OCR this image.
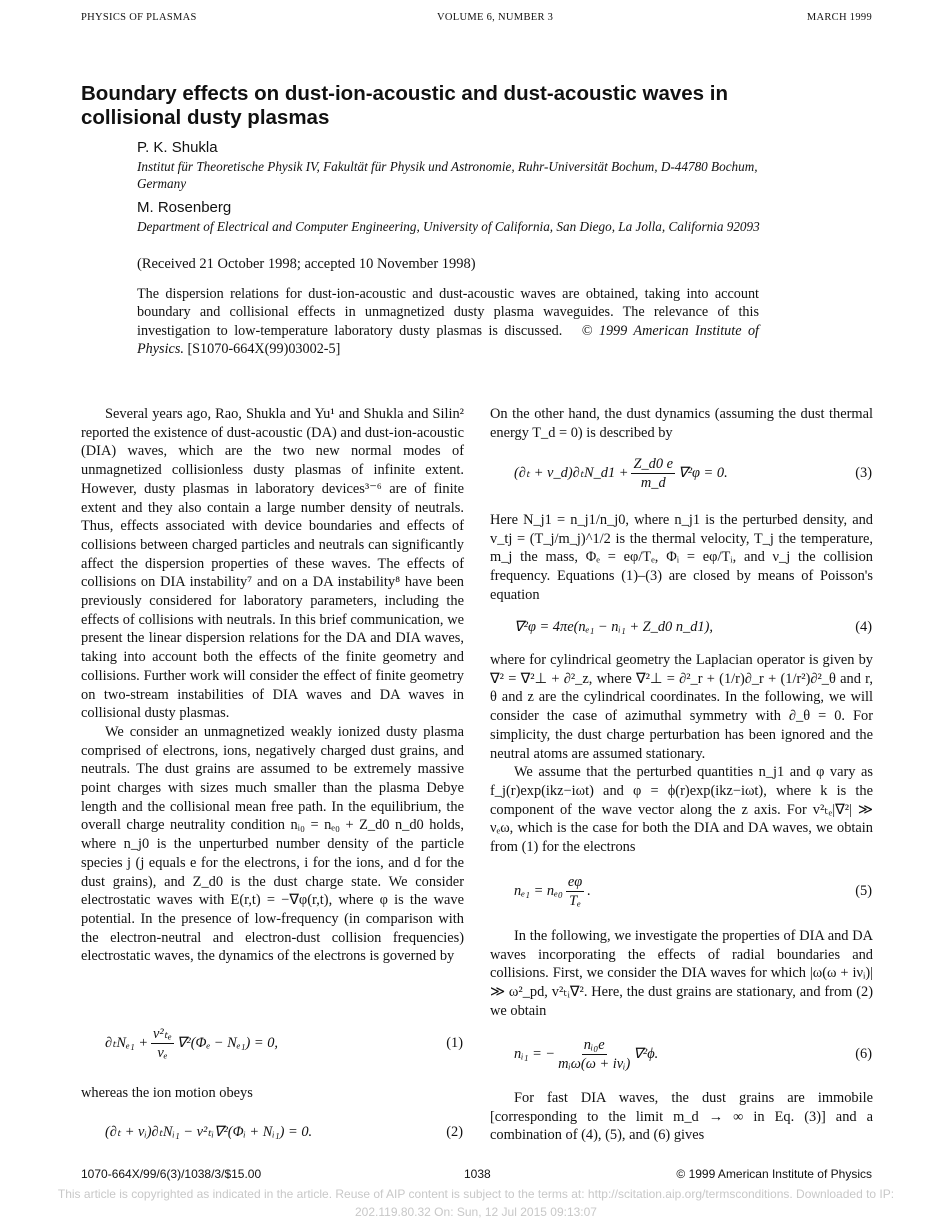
PHYSICS OF PLASMAS	VOLUME 6, NUMBER 3	MARCH 1999
Boundary effects on dust-ion-acoustic and dust-acoustic waves in collisional dusty plasmas
P. K. Shukla
Institut für Theoretische Physik IV, Fakultät für Physik und Astronomie, Ruhr-Universität Bochum, D-44780 Bochum, Germany
M. Rosenberg
Department of Electrical and Computer Engineering, University of California, San Diego, La Jolla, California 92093
(Received 21 October 1998; accepted 10 November 1998)
The dispersion relations for dust-ion-acoustic and dust-acoustic waves are obtained, taking into account boundary and collisional effects in unmagnetized dusty plasma waveguides. The relevance of this investigation to low-temperature laboratory dusty plasmas is discussed. © 1999 American Institute of Physics. [S1070-664X(99)03002-5]

Several years ago, Rao, Shukla and Yu¹ and Shukla and Silin² reported the existence of dust-acoustic (DA) and dust-ion-acoustic (DIA) waves, which are the two new normal modes of unmagnetized collisionless dusty plasmas of infinite extent. However, dusty plasmas in laboratory devices³⁻⁶ are of finite extent and they also contain a large number density of neutrals. Thus, effects associated with device boundaries and effects of collisions between charged particles and neutrals can significantly affect the dispersion properties of these waves. The effects of collisions on DIA instability⁷ and on a DA instability⁸ have been previously considered for laboratory parameters, including the effects of collisions with neutrals. In this brief communication, we present the linear dispersion relations for the DA and DIA waves, taking into account both the effects of the finite geometry and collisions. Further work will consider the effect of finite geometry on two-stream instabilities of DIA waves and DA waves in collisional dusty plasmas.

We consider an unmagnetized weakly ionized dusty plasma comprised of electrons, ions, negatively charged dust grains, and neutrals. The dust grains are assumed to be extremely massive point charges with sizes much smaller than the plasma Debye length and the collisional mean free path. In the equilibrium, the overall charge neutrality condition nᵢ₀ = nₑ₀ + Z_d0 n_d0 holds, where n_j0 is the unperturbed number density of the particle species j (j equals e for the electrons, i for the ions, and d for the dust grains), and Z_d0 is the dust charge state. We consider electrostatic waves with E(r,t) = −∇φ(r,t), where φ is the wave potential. In the presence of low-frequency (in comparison with the electron-neutral and electron-dust collision frequencies) electrostatic waves, the dynamics of the electrons is governed by

$\partial_tN_{e1} + \frac{\text{v²ₜₑ}}{\text{νₑ}} \nabla^2(\Phi_e - N_{e1}) = 0$,	(1)

whereas the ion motion obeys

(∂ₜ + νᵢ)∂ₜNᵢ₁ − v²ₜᵢ∇²(Φᵢ + Nᵢ₁) = 0.	(2)

On the other hand, the dust dynamics (assuming the dust thermal energy T_d = 0) is described by

(∂ₜ + ν_d)∂ₜN_d1 + $\frac{Z\_d0 e}{m\_d} \nabla^2\varphi = 0$.	(3)

Here N_j1 = n_j1/n_j0, where n_j1 is the perturbed density, and v_tj = (T_j/m_j)^1/2 is the thermal velocity, T_j the temperature, m_j the mass, Φₑ = eφ/Tₑ, Φᵢ = eφ/Tᵢ, and ν_j the collision frequency. Equations (1)–(3) are closed by means of Poisson's equation

∇²φ = 4πe(nₑ₁ − nᵢ₁ + Z_d0 n_d1),	(4)

where for cylindrical geometry the Laplacian operator is given by ∇² = ∇²⊥ + ∂²_z, where ∇²⊥ = ∂²_r + (1/r)∂_r + (1/r²)∂²_θ and r, θ and z are the cylindrical coordinates. In the following, we will consider the case of azimuthal symmetry with ∂_θ = 0. For simplicity, the dust charge perturbation has been ignored and the neutral atoms are assumed stationary.

We assume that the perturbed quantities n_j1 and φ vary as f_j(r)exp(ikz−iωt) and φ = ϕ(r)exp(ikz−iωt), where k is the component of the wave vector along the z axis. For v²ₜₑ|∇²| ≫ νₑω, which is the case for both the DIA and DA waves, we obtain from (1) for the electrons

$n_{e1} = n_{e0} \frac{e\varphi}{\text{Tₑ}}$ .	(5)

In the following, we investigate the properties of DIA and DA waves incorporating the effects of radial boundaries and collisions. First, we consider the DIA waves for which |ω(ω + iνᵢ)| ≫ ω²_pd, v²ₜᵢ∇². Here, the dust grains are stationary, and from (2) we obtain

nᵢ₁ = − $\frac{\text{nᵢ₀e}}{\text{mᵢω(ω + iνᵢ)}} \nabla^2\phi$.	(6)

For fast DIA waves, the dust grains are immobile [corresponding to the limit m_d → ∞ in Eq. (3)] and a combination of (4), (5), and (6) gives

1070-664X/99/6(3)/1038/3/$15.00	1038	© 1999 American Institute of Physics
This article is copyrighted as indicated in the article. Reuse of AIP content is subject to the terms at: http://scitation.aip.org/termsconditions. Downloaded to IP:
202.119.80.32 On: Sun, 12 Jul 2015 09:13:07
